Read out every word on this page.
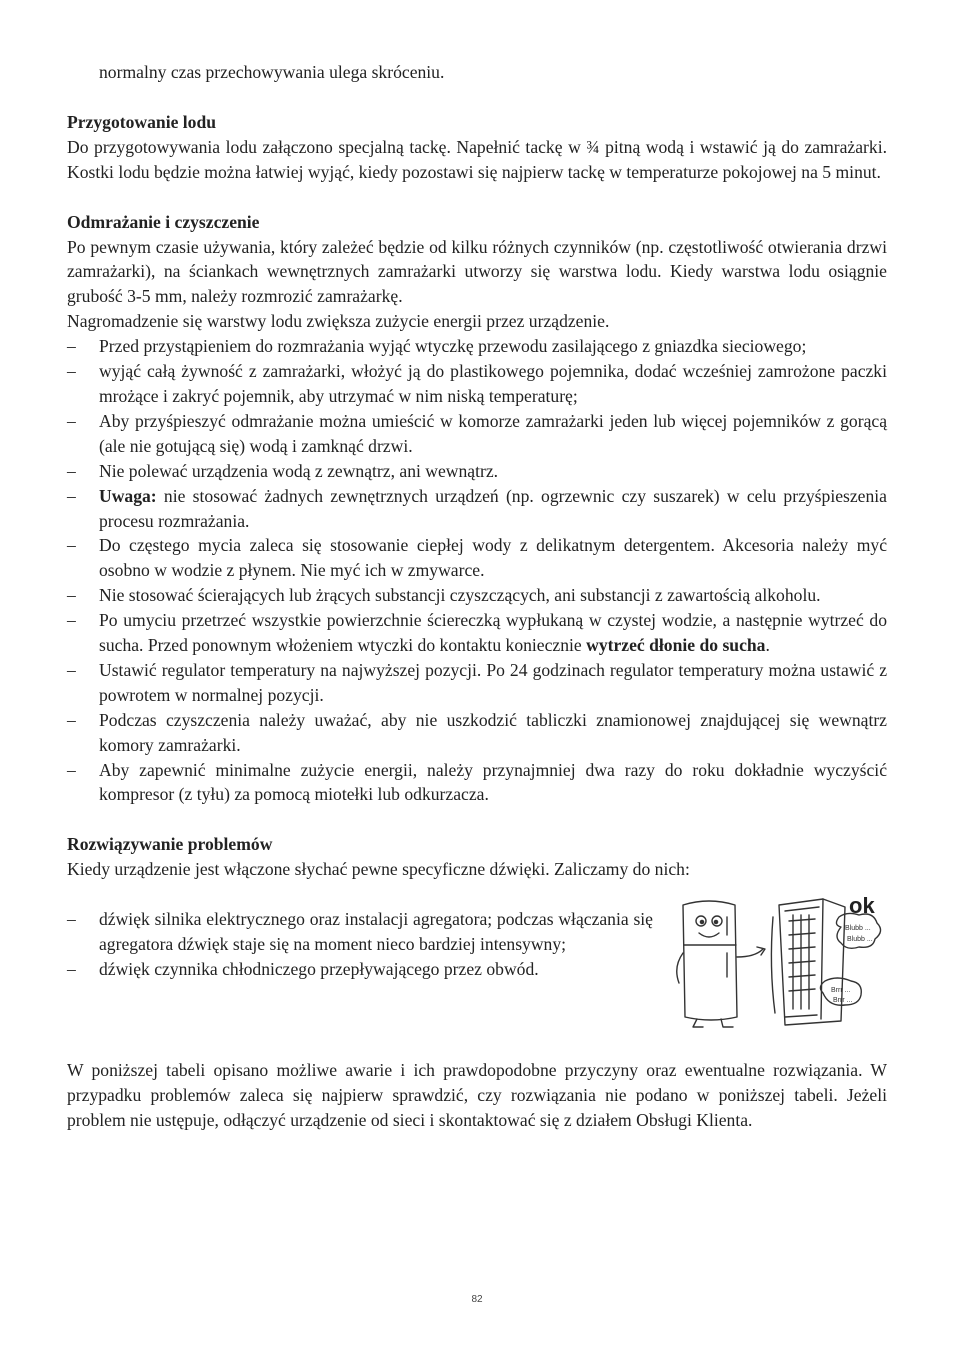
normalny czas przechowywania ulega skróceniu.

Przygotowanie lodu

Do przygotowywania lodu załączono specjalną tackę. Napełnić tackę w ¾ pitną wodą i wstawić ją do zamrażarki. Kostki lodu będzie można łatwiej wyjąć, kiedy pozostawi się najpierw tackę w temperaturze pokojowej na 5 minut.

Odmrażanie i czyszczenie

Po pewnym czasie używania, który zależeć będzie od kilku różnych czynników (np. częstotliwość otwierania drzwi zamrażarki), na ściankach wewnętrznych zamrażarki utworzy się warstwa lodu. Kiedy warstwa lodu osiągnie grubość 3-5 mm, należy rozmrozić zamrażarkę.

Nagromadzenie się warstwy lodu zwiększa zużycie energii przez urządzenie.

– Przed przystąpieniem do rozmrażania wyjąć wtyczkę przewodu zasilającego z gniazdka sieciowego;
– wyjąć całą żywność z zamrażarki, włożyć ją do plastikowego pojemnika, dodać wcześniej zamrożone paczki mrożące i zakryć pojemnik, aby utrzymać w nim niską temperaturę;
– Aby przyśpieszyć odmrażanie można umieścić w komorze zamrażarki jeden lub więcej pojemników z gorącą (ale nie gotującą się) wodą i zamknąć drzwi.
– Nie polewać urządzenia wodą z zewnątrz, ani wewnątrz.
– Uwaga: nie stosować żadnych zewnętrznych urządzeń (np. ogrzewnic czy suszarek) w celu przyśpieszenia procesu rozmrażania.
– Do częstego mycia zaleca się stosowanie ciepłej wody z delikatnym detergentem. Akcesoria należy myć osobno w wodzie z płynem. Nie myć ich w zmywarce.
– Nie stosować ścierających lub żrących substancji czyszczących, ani substancji z zawartością alkoholu.
– Po umyciu przetrzeć wszystkie powierzchnie ściereczką wypłukaną w czystej wodzie, a następnie wytrzeć do sucha. Przed ponownym włożeniem wtyczki do kontaktu koniecznie wytrzeć dłonie do sucha.
– Ustawić regulator temperatury na najwyższej pozycji. Po 24 godzinach regulator temperatury można ustawić z powrotem w normalnej pozycji.
– Podczas czyszczenia należy uważać, aby nie uszkodzić tabliczki znamionowej znajdującej się wewnątrz komory zamrażarki.
– Aby zapewnić minimalne zużycie energii, należy przynajmniej dwa razy do roku dokładnie wyczyścić kompresor (z tyłu) za pomocą miotełki lub odkurzacza.

Rozwiązywanie problemów

Kiedy urządzenie jest włączone słychać pewne specyficzne dźwięki. Zaliczamy do nich:

– dźwięk silnika elektrycznego oraz instalacji agregatora; podczas włączania się agregatora dźwięk staje się na moment nieco bardziej intensywny;
– dźwięk czynnika chłodniczego przepływającego przez obwód.
ok
Blubb ...
Blubb ...
Brrr ...
Brrr ...

W poniższej tabeli opisano możliwe awarie i ich prawdopodobne przyczyny oraz ewentualne rozwiązania. W przypadku problemów zaleca się najpierw sprawdzić, czy rozwiązania nie podano w poniższej tabeli. Jeżeli problem nie ustępuje, odłączyć urządzenie od sieci i skontaktować się z działem Obsługi Klienta.

82
